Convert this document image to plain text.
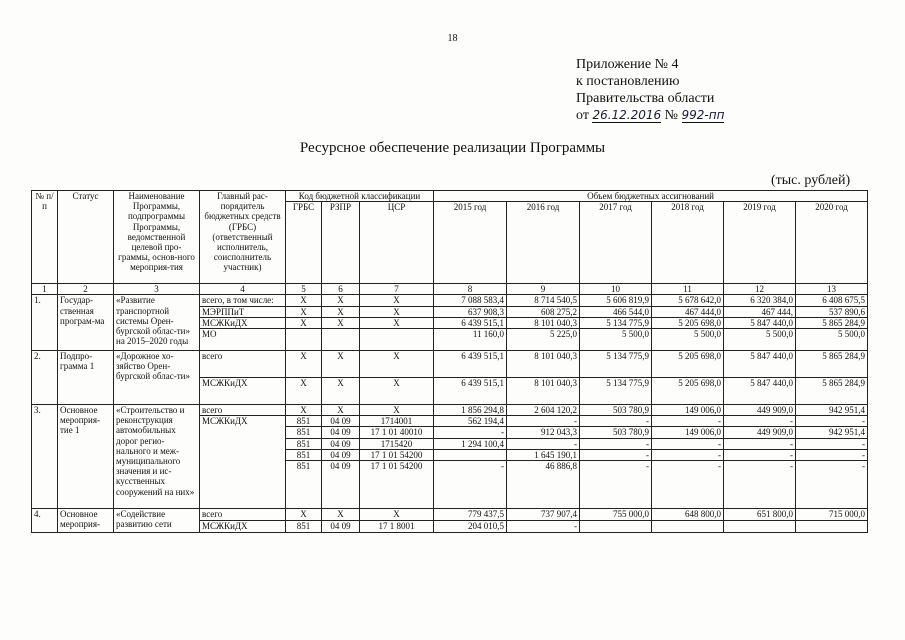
18
Приложение № 4
к постановлению
Правительства области
от 26.12.2016 № 992-пп
Ресурсное обеспечение реализации Программы
(тыс. рублей)
№ п/п	Статус	Наименование Программы, подпрограммы Программы, ведомственной целевой про-граммы, основ-ного мероприя-тия	Главный рас-порядитель бюджетных средств (ГРБС) (ответственный исполнитель, соисполнитель участник)	Код бюджетной классификации			Объем бюджетных ассигнований					
				ГРБС	РЗПР	ЦСР	2015 год	2016 год	2017 год	2018 год	2019 год	2020 год
1	2	3	4	5	6	7	8	9	10	11	12	13
1.	Государ-ственная програм-ма	«Развитие транспортной системы Орен-бургской облас-ти» на 2015–2020 годы	всего, в том числе:	Х	Х	Х	7 088 583,4	8 714 540,5	5 606 819,9	5 678 642,0	6 320 384,0	6 408 675,5
			МЭРППиТ	Х	Х	Х	637 908,3	608 275,2	466 544,0	467 444,0	467 444,	537 890,6
			МСЖКиДХ	Х	Х	Х	6 439 515,1	8 101 040,3	5 134 775,9	5 205 698,0	5 847 440,0	5 865 284,9
			МО				11 160,0	5 225,0	5 500,0	5 500,0	5 500,0	5 500,0
2.	Подпро-грамма 1	«Дорожное хо-зяйство Орен-бургской облас-ти»	всего	Х	Х	Х	6 439 515,1	8 101 040,3	5 134 775,9	5 205 698,0	5 847 440,0	5 865 284,9
			МСЖКиДХ	Х	Х	Х	6 439 515,1	8 101 040,3	5 134 775,9	5 205 698,0	5 847 440,0	5 865 284,9
3.	Основное мероприя-тие 1	«Строительство и реконструкция автомобильных дорог регио-нального и меж-муниципального значения и ис-кусственных сооружений на них»	всего	Х	Х	Х	1 856 294,8	2 604 120,2	503 780,9	149 006,0	449 909,0	942 951,4
			МСЖКиДХ	851	04 09	1714001	562 194,4	-	-	-	-	-
				851	04 09	17 1 01 40010	-	912 043,3	503 780,9	149 006,0	449 909,0	942 951,4
				851	04 09	1715420	1 294 100,4	-	-	-	-	-
				851	04 09	17 1 01 54200		1 645 190,1	-	-	-	-
				851	04 09	17 1 01 54200	-	46 886,8	-	-	-	-
4.	Основное мероприя-	«Содействие развитию сети	всего	Х	Х	Х	779 437,5	737 907,4	755 000,0	648 800,0	651 800,0	715 000,0
			МСЖКиДХ	851	04 09	17 1 8001	204 010,5	-				
